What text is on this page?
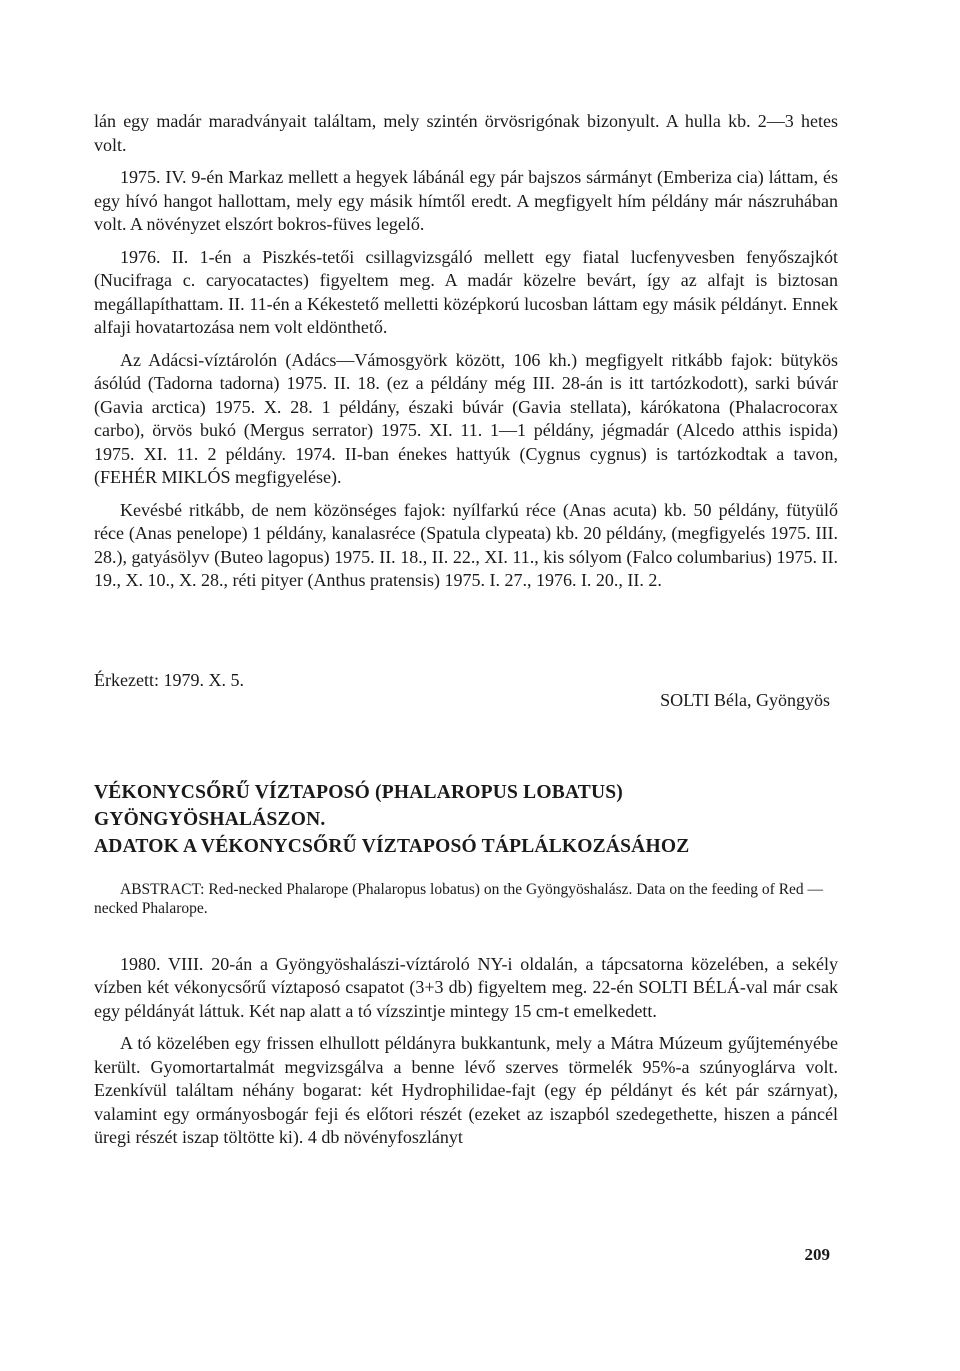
lán egy madár maradványait találtam, mely szintén örvösrigónak bizonyult. A hulla kb. 2—3 hetes volt.

1975. IV. 9-én Markaz mellett a hegyek lábánál egy pár bajszos sármányt (Emberiza cia) láttam, és egy hívó hangot hallottam, mely egy másik hímtől eredt. A megfigyelt hím példány már nászruhában volt. A növényzet elszórt bokros-füves legelő.

1976. II. 1-én a Piszkés-tetői csillagvizsgáló mellett egy fiatal lucfenyvesben fenyőszajkót (Nucifraga c. caryocatactes) figyeltem meg. A madár közelre bevárt, így az alfajt is biztosan megállapíthattam. II. 11-én a Kékestető melletti középkorú lucosban láttam egy másik példányt. Ennek alfaji hovatartozása nem volt eldönthető.

Az Adácsi-víztárolón (Adács—Vámosgyörk között, 106 kh.) megfigyelt ritkább fajok: bütykös ásólúd (Tadorna tadorna) 1975. II. 18. (ez a példány még III. 28-án is itt tartózkodott), sarki búvár (Gavia arctica) 1975. X. 28. 1 példány, északi búvár (Gavia stellata), kárókatona (Phalacrocorax carbo), örvös bukó (Mergus serrator) 1975. XI. 11. 1—1 példány, jégmadár (Alcedo atthis ispida) 1975. XI. 11. 2 példány. 1974. II-ban énekes hattyúk (Cygnus cygnus) is tartózkodtak a tavon, (FEHÉR MIKLÓS megfigyelése).

Kevésbé ritkább, de nem közönséges fajok: nyílfarkú réce (Anas acuta) kb. 50 példány, fütyülő réce (Anas penelope) 1 példány, kanalasréce (Spatula clypeata) kb. 20 példány, (megfigyelés 1975. III. 28.), gatyásölyv (Buteo lagopus) 1975. II. 18., II. 22., XI. 11., kis sólyom (Falco columbarius) 1975. II. 19., X. 10., X. 28., réti pityer (Anthus pratensis) 1975. I. 27., 1976. I. 20., II. 2.

Érkezett: 1979. X. 5.
SOLTI Béla, Gyöngyös
VÉKONYCSŐRŰ VÍZTAPOSÓ (PHALAROPUS LOBATUS)
GYÖNGYÖSHALÁSZON.
ADATOK A VÉKONYCSŐRŰ VÍZTAPOSÓ TÁPLÁLKOZÁSÁHOZ

ABSTRACT: Red-necked Phalarope (Phalaropus lobatus) on the Gyöngyöshalász. Data on the feeding of Red — necked Phalarope.

1980. VIII. 20-án a Gyöngyöshalászi-víztároló NY-i oldalán, a tápcsatorna közelében, a sekély vízben két vékonycsőrű víztaposó csapatot (3+3 db) figyeltem meg. 22-én SOLTI BÉLÁ-val már csak egy példányát láttuk. Két nap alatt a tó vízszintje mintegy 15 cm-t emelkedett.

A tó közelében egy frissen elhullott példányra bukkantunk, mely a Mátra Múzeum gyűjteményébe került. Gyomortartalmát megvizsgálva a benne lévő szerves törmelék 95%-a szúnyoglárva volt. Ezenkívül találtam néhány bogarat: két Hydrophilidae-fajt (egy ép példányt és két pár szárnyat), valamint egy ormányosbogár feji és előtori részét (ezeket az iszapból szedegethette, hiszen a páncél üregi részét iszap töltötte ki). 4 db növényfoszlányt

209
